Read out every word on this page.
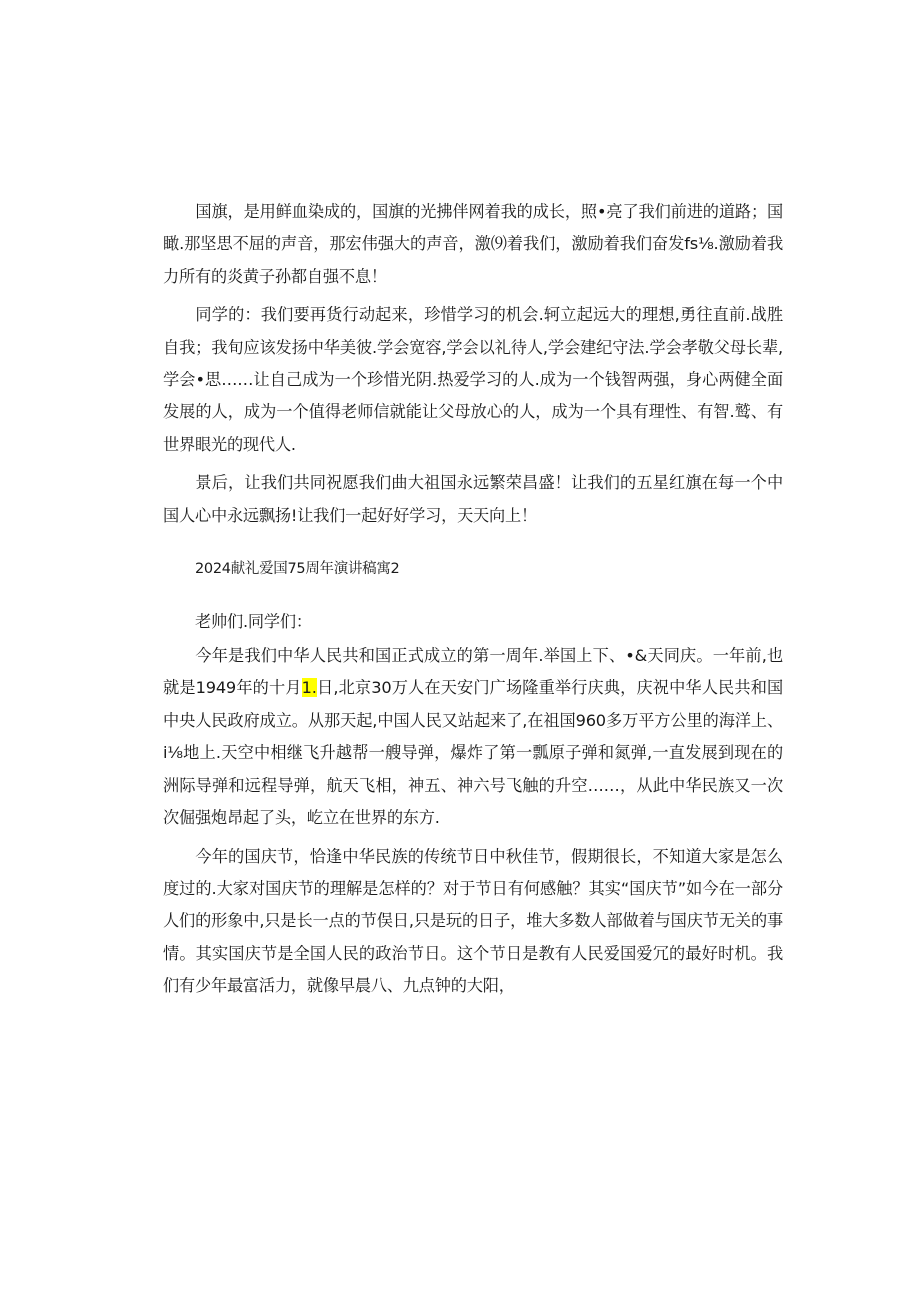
国旗，是用鲜血染成的，国旗的光拂伴网着我的成长，照•亮了我们前进的道路；国瞰.那坚思不屈的声音，那宏伟强大的声音，激⑼着我们，激励着我们奋发fs⅛.激励着我力所有的炎黄子孙都自强不息！

同学的：我们要再货行动起来，珍惜学习的机会.轲立起远大的理想,勇往直前.战胜自我；我旬应该发扬中华美彼.学会宽容,学会以礼待人,学会建纪守法.学会孝敬父母长辈,学会•思……让自己成为一个珍惜光阴.热爱学习的人.成为一个钱智两强，身心两健全面发展的人，成为一个值得老师信就能让父母放心的人，成为一个具有理性、有智.鹫、有世界眼光的现代人.

景后，让我们共同祝愿我们曲大祖国永远繁荣昌盛！让我们的五星红旗在每一个中国人心中永远飘扬!让我们一起好好学习，天天向上！

2024献礼爱国75周年演讲稿寓2

老帅们.同学们：

今年是我们中华人民共和国正式成立的第一周年.举国上下、•&天同庆。一年前,也就是1949年的十月1.日,北京30万人在天安门广场隆重举行庆典，庆祝中华人民共和国中央人民政府成立。从那天起,中国人民又站起来了,在祖国960多万平方公里的海洋上、i⅛地上.天空中相继飞升越帮一艘导弹，爆炸了第一瓢原子弹和氮弹,一直发展到现在的洲际导弹和远程导弹，航天飞相，神五、神六号飞触的升空……，从此中华民族又一次次倔强炮昂起了头，屹立在世界的东方.

今年的国庆节，恰逢中华民族的传统节日中秋佳节，假期很长，不知道大家是怎么度过的.大家对国庆节的理解是怎样的？对于节日有何感触？其实“国庆节”如今在一部分人们的形象中,只是长一点的节俣日,只是玩的日子，堆大多数人部做着与国庆节无关的事情。其实国庆节是全国人民的政治节日。这个节日是教有人民爱国爱冗的最好时机。我们有少年最富活力，就像早晨八、九点钟的大阳，
